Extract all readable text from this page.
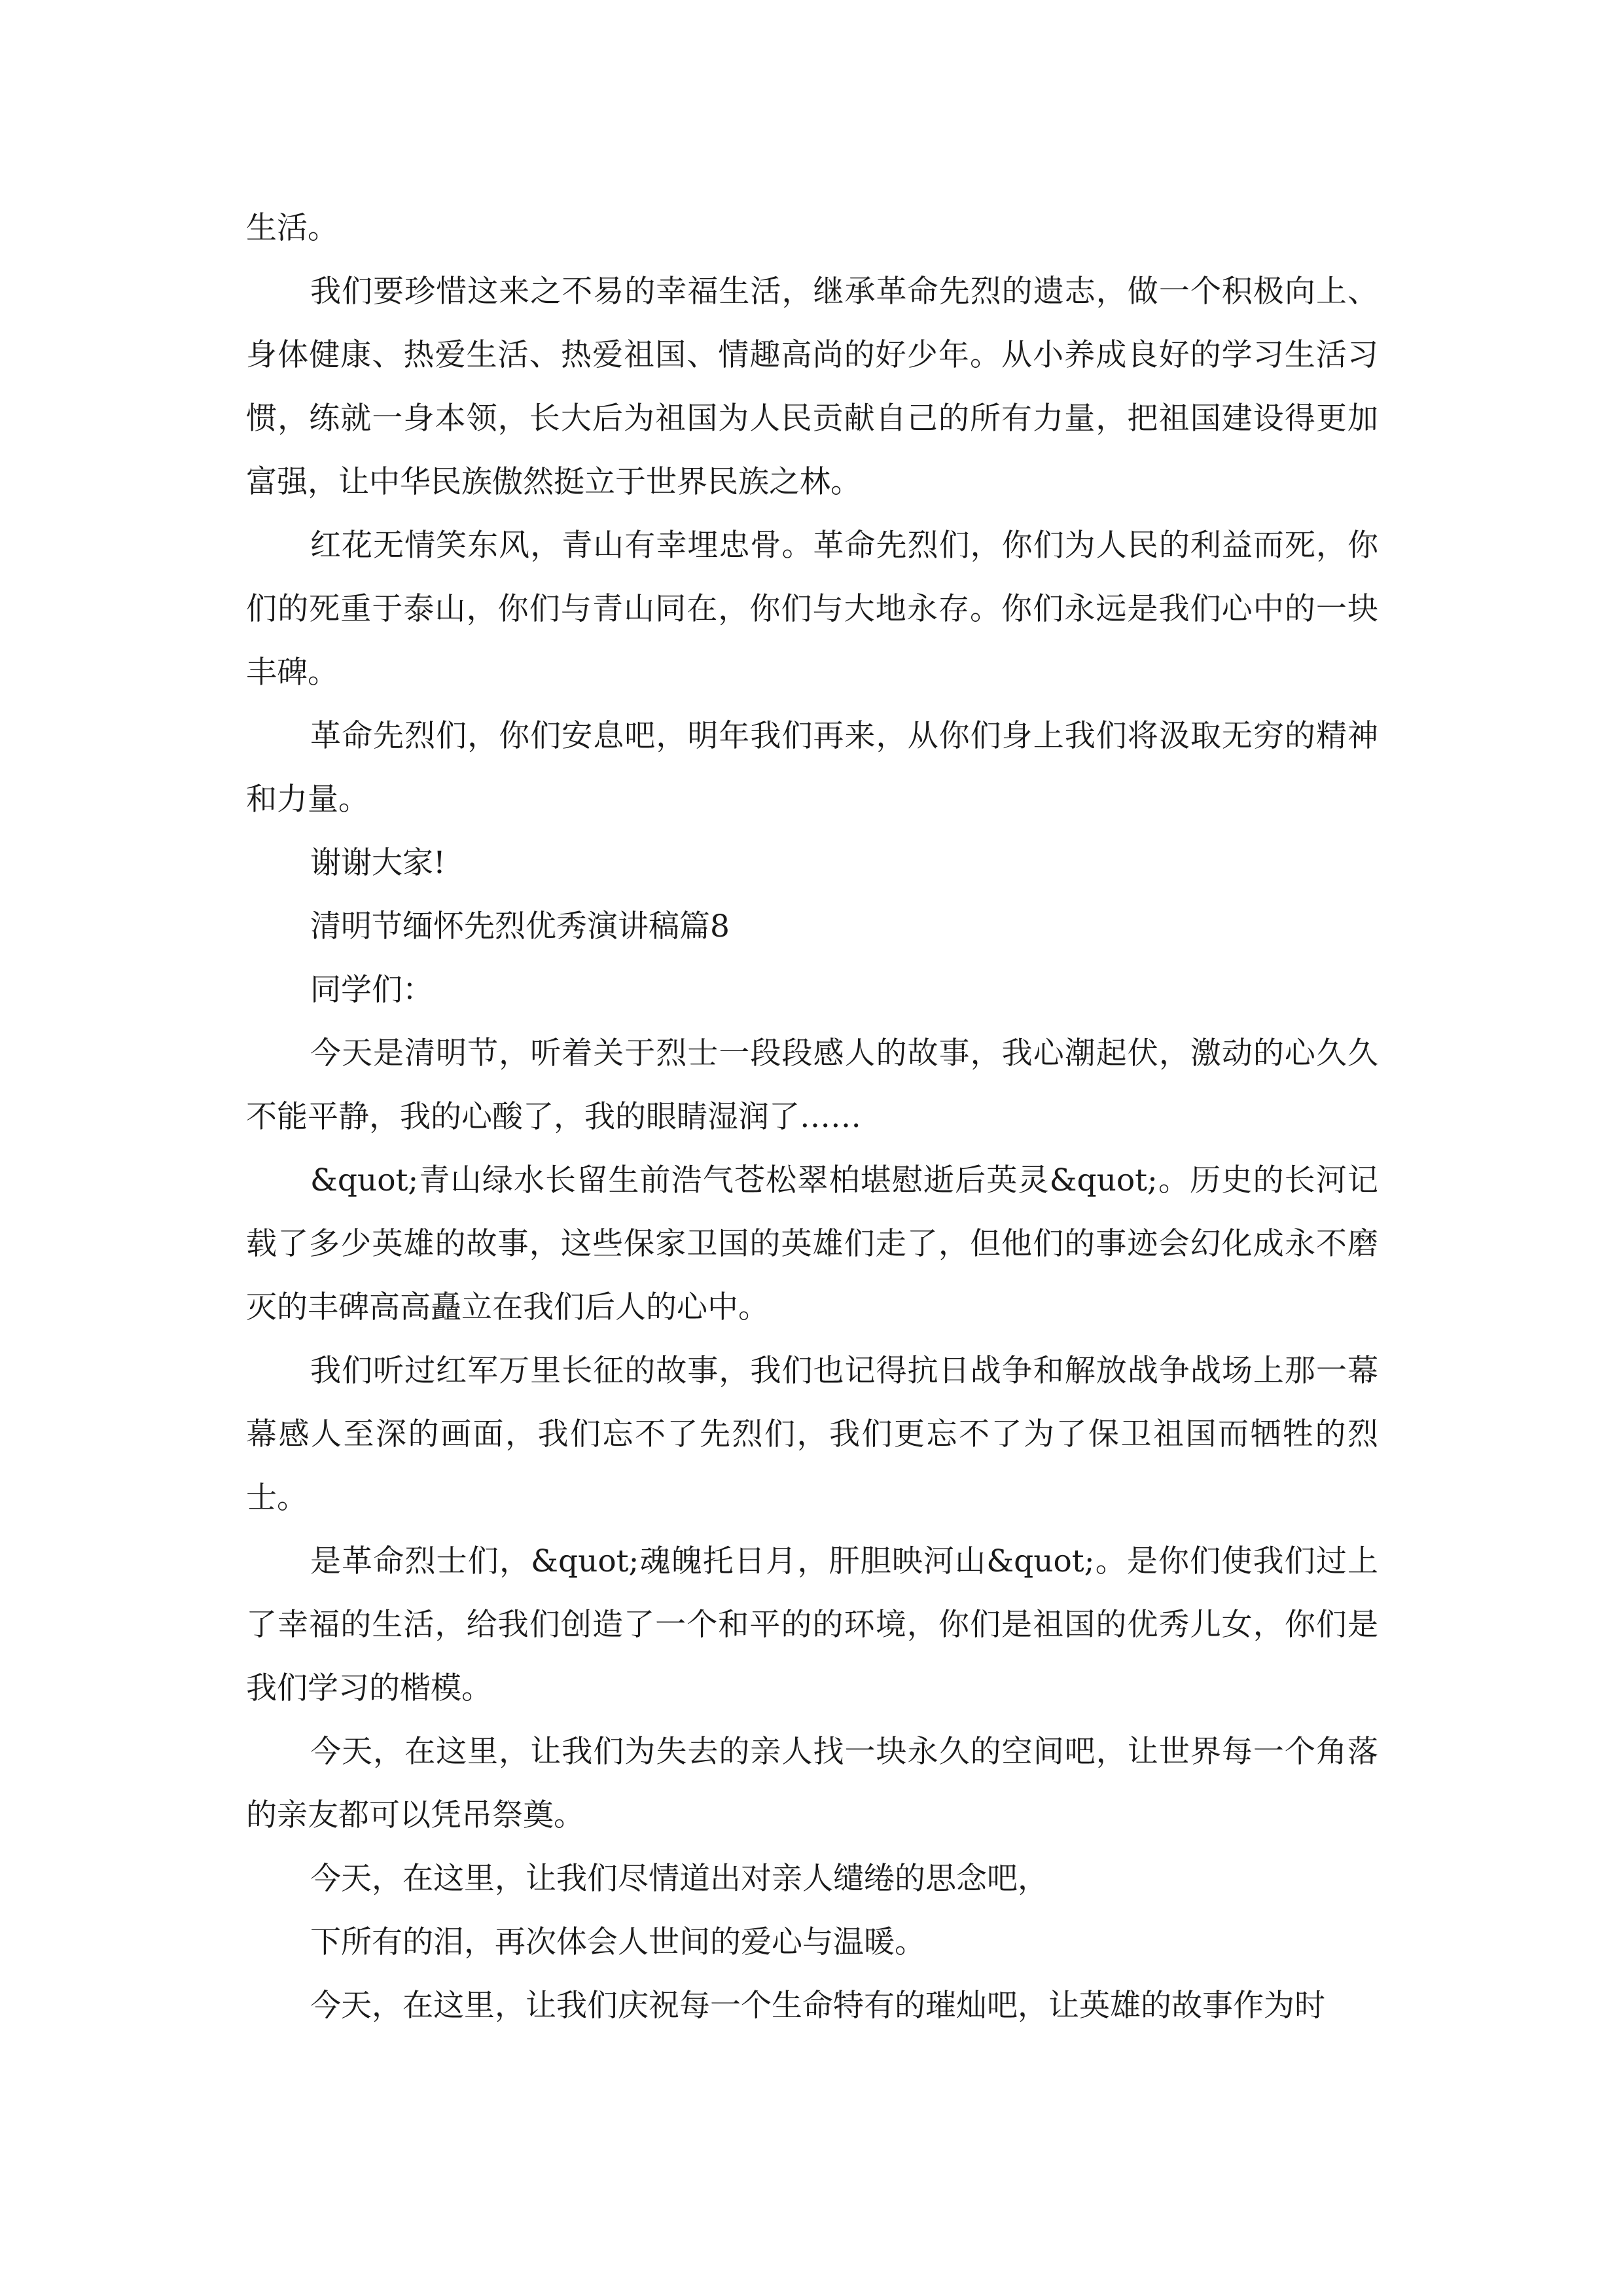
生活。

我们要珍惜这来之不易的幸福生活，继承革命先烈的遗志，做一个积极向上、身体健康、热爱生活、热爱祖国、情趣高尚的好少年。从小养成良好的学习生活习惯，练就一身本领，长大后为祖国为人民贡献自己的所有力量，把祖国建设得更加富强，让中华民族傲然挺立于世界民族之林。

红花无情笑东风，青山有幸埋忠骨。革命先烈们，你们为人民的利益而死，你们的死重于泰山，你们与青山同在，你们与大地永存。你们永远是我们心中的一块丰碑。

革命先烈们，你们安息吧，明年我们再来，从你们身上我们将汲取无穷的精神和力量。

谢谢大家!

清明节缅怀先烈优秀演讲稿篇8

同学们：

今天是清明节，听着关于烈士一段段感人的故事，我心潮起伏，激动的心久久不能平静，我的心酸了，我的眼睛湿润了……

&quot;青山绿水长留生前浩气苍松翠柏堪慰逝后英灵&quot;。历史的长河记载了多少英雄的故事，这些保家卫国的英雄们走了，但他们的事迹会幻化成永不磨灭的丰碑高高矗立在我们后人的心中。

我们听过红军万里长征的故事，我们也记得抗日战争和解放战争战场上那一幕幕感人至深的画面，我们忘不了先烈们，我们更忘不了为了保卫祖国而牺牲的烈士。

是革命烈士们，&quot;魂魄托日月，肝胆映河山&quot;。是你们使我们过上了幸福的生活，给我们创造了一个和平的的环境，你们是祖国的优秀儿女，你们是我们学习的楷模。

今天，在这里，让我们为失去的亲人找一块永久的空间吧，让世界每一个角落的亲友都可以凭吊祭奠。

今天，在这里，让我们尽情道出对亲人缱绻的思念吧，

下所有的泪，再次体会人世间的爱心与温暖。

今天，在这里，让我们庆祝每一个生命特有的璀灿吧，让英雄的故事作为时
